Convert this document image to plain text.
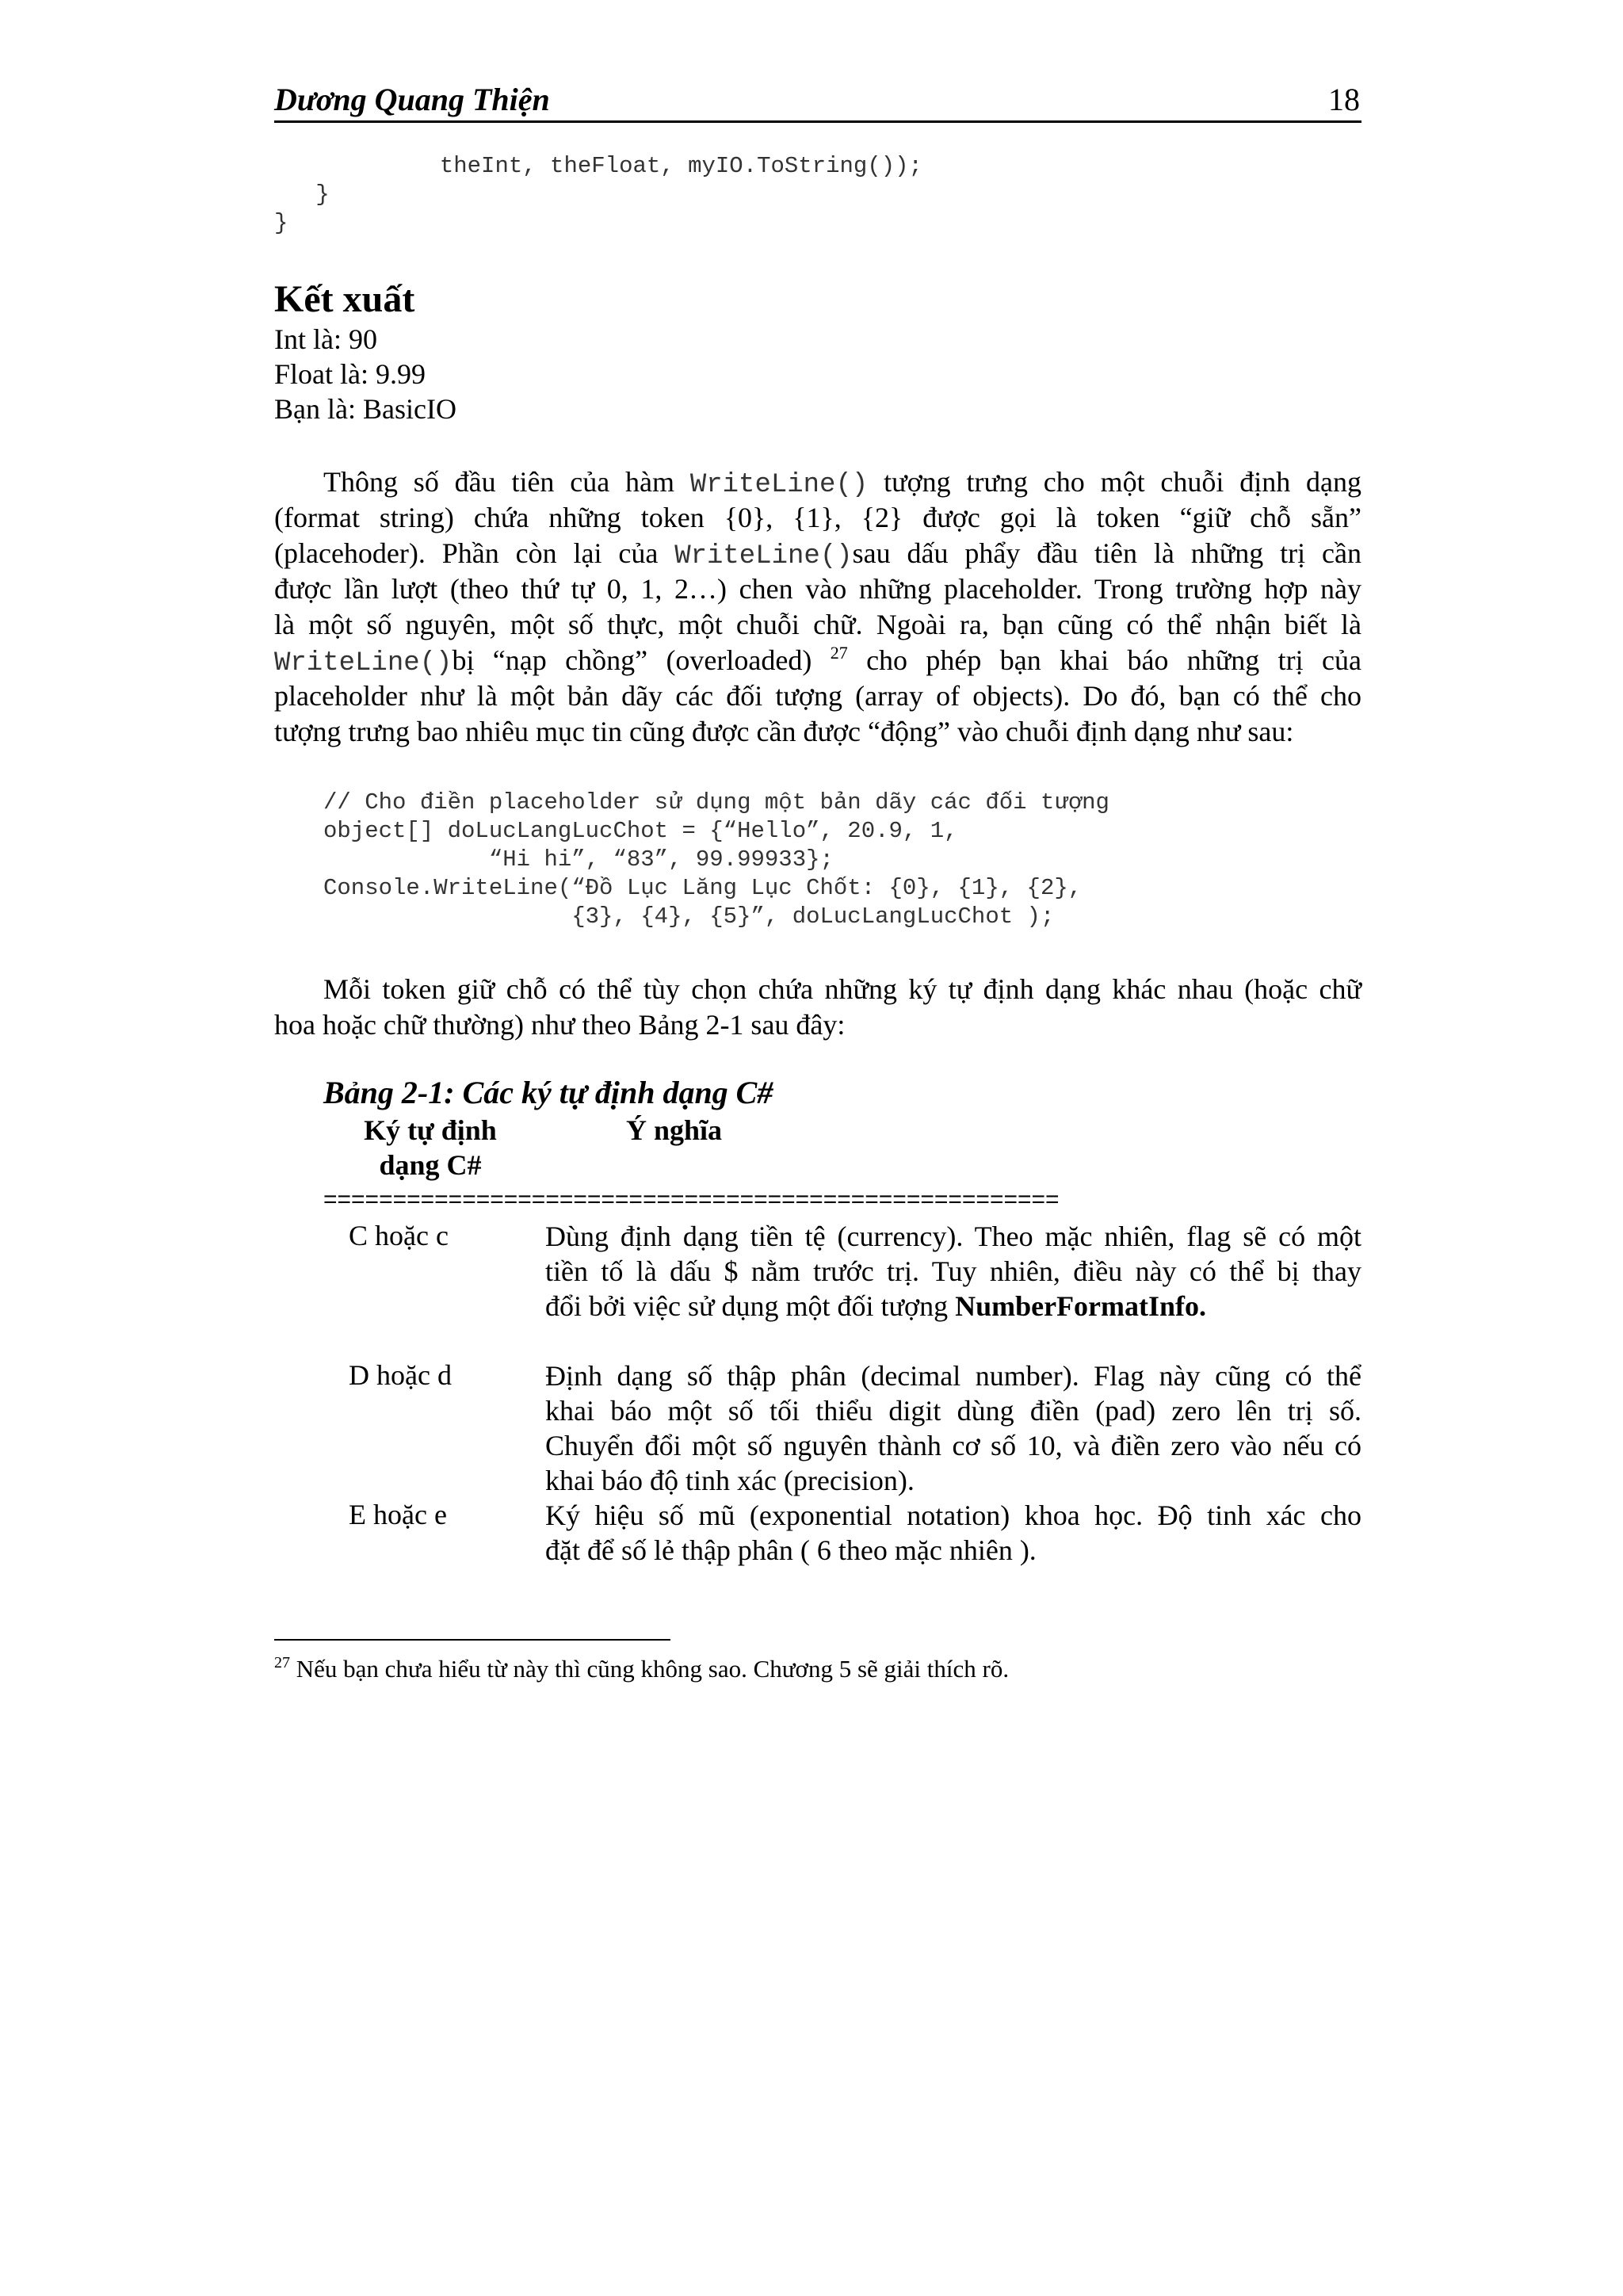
Dương Quang Thiện	18
theInt, theFloat, myIO.ToString());
}
}
Kết xuất
Int là: 90
Float là: 9.99
Bạn là: BasicIO
Thông số đầu tiên của hàm WriteLine() tượng trưng cho một chuỗi định dạng
(format string) chứa những token {0}, {1}, {2} được gọi là token “giữ chỗ sẵn”
(placehoder). Phần còn lại của WriteLine()sau dấu phẩy đầu tiên là những trị cần
được lần lượt (theo thứ tự 0, 1, 2…) chen vào những placeholder. Trong trường hợp này
là một số nguyên, một số thực, một chuỗi chữ. Ngoài ra, bạn cũng có thể nhận biết là
WriteLine()bị “nạp chồng” (overloaded) $^{27}$ cho phép bạn khai báo những trị của
placeholder như là một bản dãy các đối tượng (array of objects). Do đó, bạn có thể cho
tượng trưng bao nhiêu mục tin cũng được cần được “động” vào chuỗi định dạng như sau:
// Cho điền placeholder sử dụng một bản dãy các đối tượng
object[] doLucLangLucChot = {“Hello”, 20.9, 1,
“Hi hi”, “83”, 99.99933};
Console.WriteLine(“Đồ Lục Lăng Lục Chốt: {0}, {1}, {2},
{3}, {4}, {5}”, doLucLangLucChot );
Mỗi token giữ chỗ có thể tùy chọn chứa những ký tự định dạng khác nhau (hoặc chữ
hoa hoặc chữ thường) như theo Bảng 2-1 sau đây:
Bảng 2-1: Các ký tự định dạng C#
Ký tự định
dạng C#
Ý nghĩa
=====================================================
C hoặc c	Dùng định dạng tiền tệ (currency). Theo mặc nhiên, flag sẽ có một
tiền tố là dấu $ nằm trước trị. Tuy nhiên, điều này có thể bị thay
đổi bởi việc sử dụng một đối tượng NumberFormatInfo.
D hoặc d	Định dạng số thập phân (decimal number). Flag này cũng có thể
khai báo một số tối thiểu digit dùng điền (pad) zero lên trị số.
Chuyển đổi một số nguyên thành cơ số 10, và điền zero vào nếu có
khai báo độ tinh xác (precision).
E hoặc e	Ký hiệu số mũ (exponential notation) khoa học. Độ tinh xác cho
đặt để số lẻ thập phân ( 6 theo mặc nhiên ).
$^{27}$ Nếu bạn chưa hiểu từ này thì cũng không sao. Chương 5 sẽ giải thích rõ.
